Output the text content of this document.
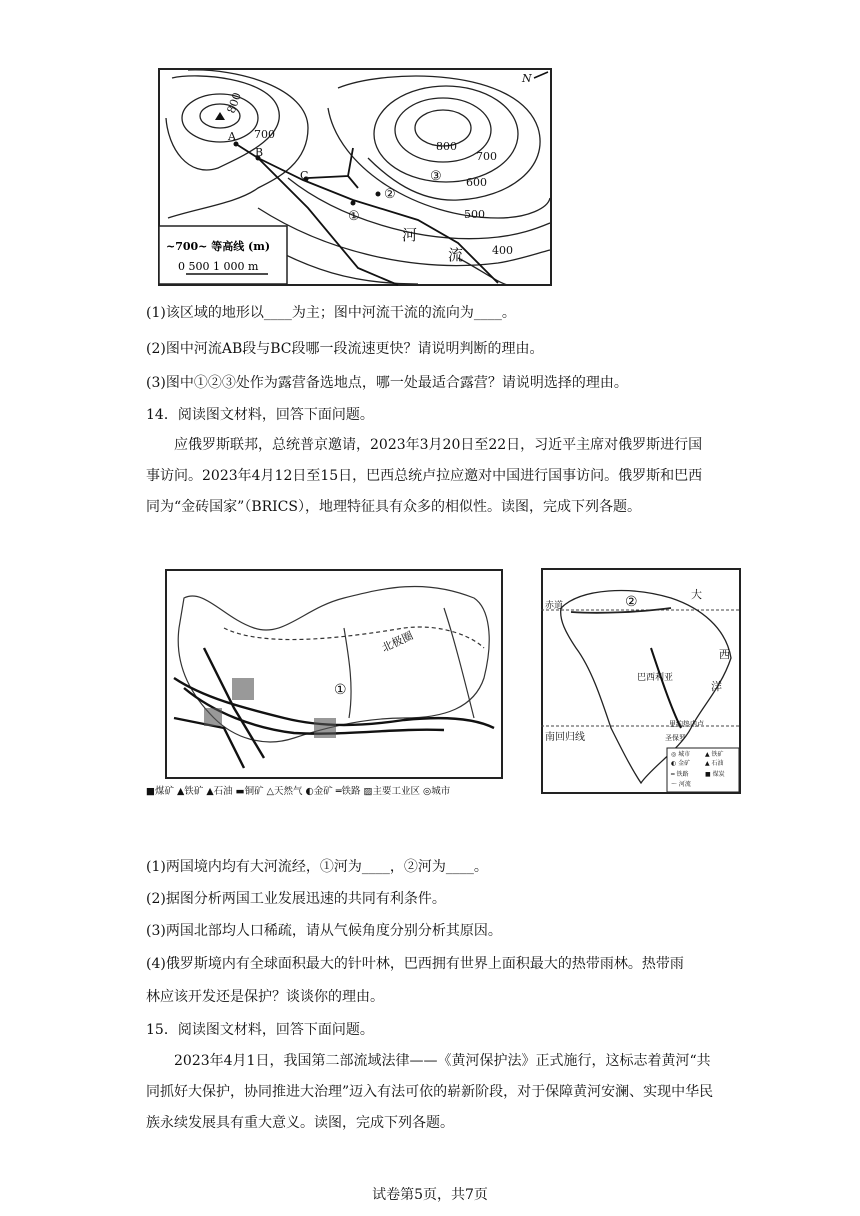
800
700
800
700
600
500
400
A
B
C
①
②
③
N
河
流
~700~ 等高线 (m)
0 500 1 000 m
(1)该区域的地形以____为主；图中河流干流的流向为____。
(2)图中河流AB段与BC段哪一段流速更快？请说明判断的理由。
(3)图中①②③处作为露营备选地点，哪一处最适合露营？请说明选择的理由。
14．阅读图文材料，回答下面问题。
应俄罗斯联邦，总统普京邀请，2023年3月20日至22日，习近平主席对俄罗斯进行国事访问。2023年4月12日至15日，巴西总统卢拉应邀对中国进行国事访问。俄罗斯和巴西同为“金砖国家”（BRICS），地理特征具有众多的相似性。读图，完成下列各题。
北极圈
①
■煤矿 ▲铁矿 ▲石油 ▬铜矿 △天然气 ◐金矿 ═铁路 ▨主要工业区 ◎城市
赤道	②	大
西
洋
巴西利亚
南回归线
里约热内卢
圣保罗
◎ 城市 ▲ 铁矿
▲ 石油
◐ 金矿
═ 铁路
～ 河流
■ 煤炭
(1)两国境内均有大河流经，①河为____，②河为____。
(2)据图分析两国工业发展迅速的共同有利条件。
(3)两国北部均人口稀疏，请从气候角度分别分析其原因。
(4)俄罗斯境内有全球面积最大的针叶林，巴西拥有世界上面积最大的热带雨林。热带雨
林应该开发还是保护？谈谈你的理由。
15．阅读图文材料，回答下面问题。
2023年4月1日，我国第二部流域法律——《黄河保护法》正式施行，这标志着黄河“共同抓好大保护，协同推进大治理”迈入有法可依的崭新阶段，对于保障黄河安澜、实现中华民族永续发展具有重大意义。读图，完成下列各题。
试卷第5页，共7页
